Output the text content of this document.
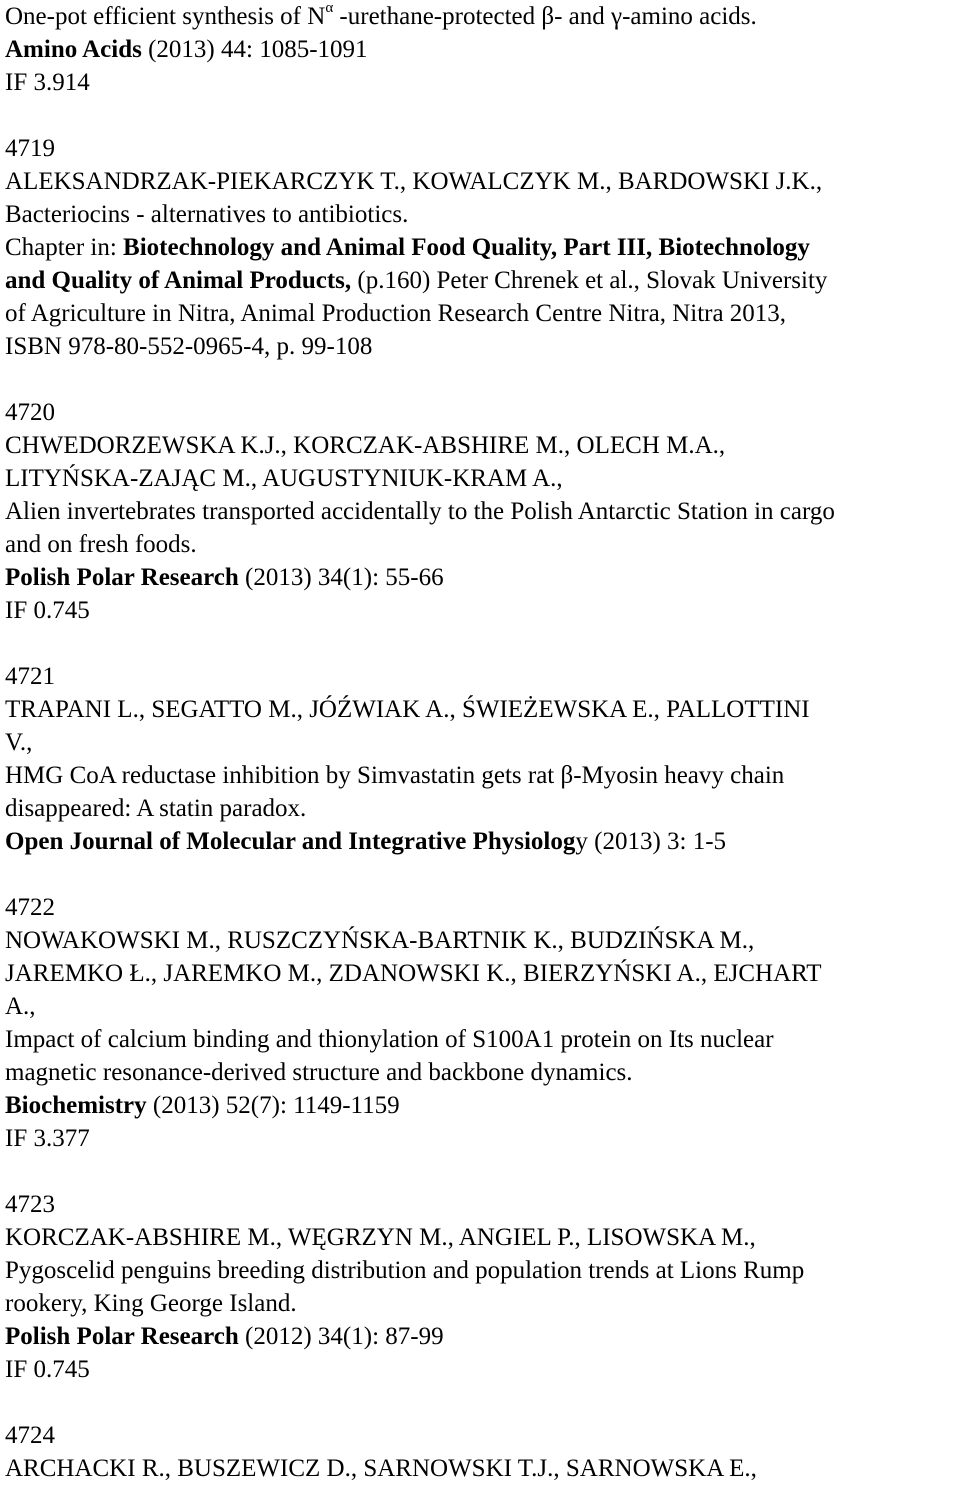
One-pot efficient synthesis of $N^\alpha$ -urethane-protected β- and γ-amino acids.
Amino Acids (2013) 44: 1085-1091
IF 3.914
4719
ALEKSANDRZAK-PIEKARCZYK T., KOWALCZYK M., BARDOWSKI J.K.,
Bacteriocins - alternatives to antibiotics.
Chapter in: Biotechnology and Animal Food Quality, Part III, Biotechnology
and Quality of Animal Products, (p.160) Peter Chrenek et al., Slovak University
of Agriculture in Nitra, Animal Production Research Centre Nitra, Nitra 2013,
ISBN 978-80-552-0965-4, p. 99-108
4720
CHWEDORZEWSKA K.J., KORCZAK-ABSHIRE M., OLECH M.A.,
LITYŃSKA-ZAJĄC M., AUGUSTYNIUK-KRAM A.,
Alien invertebrates transported accidentally to the Polish Antarctic Station in cargo
and on fresh foods.
Polish Polar Research (2013) 34(1): 55-66
IF 0.745
4721
TRAPANI L., SEGATTO M., JÓŹWIAK A., ŚWIEŻEWSKA E., PALLOTTINI
V.,
HMG CoA reductase inhibition by Simvastatin gets rat β-Myosin heavy chain
disappeared: A statin paradox.
Open Journal of Molecular and Integrative Physiology (2013) 3: 1-5
4722
NOWAKOWSKI M., RUSZCZYŃSKA-BARTNIK K., BUDZIŃSKA M.,
JAREMKO Ł., JAREMKO M., ZDANOWSKI K., BIERZYŃSKI A., EJCHART
A.,
Impact of calcium binding and thionylation of S100A1 protein on Its nuclear
magnetic resonance-derived structure and backbone dynamics.
Biochemistry (2013) 52(7): 1149-1159
IF 3.377
4723
KORCZAK-ABSHIRE M., WĘGRZYN M., ANGIEL P., LISOWSKA M.,
Pygoscelid penguins breeding distribution and population trends at Lions Rump
rookery, King George Island.
Polish Polar Research (2012) 34(1): 87-99
IF 0.745
4724
ARCHACKI R., BUSZEWICZ D., SARNOWSKI T.J., SARNOWSKA E.,
